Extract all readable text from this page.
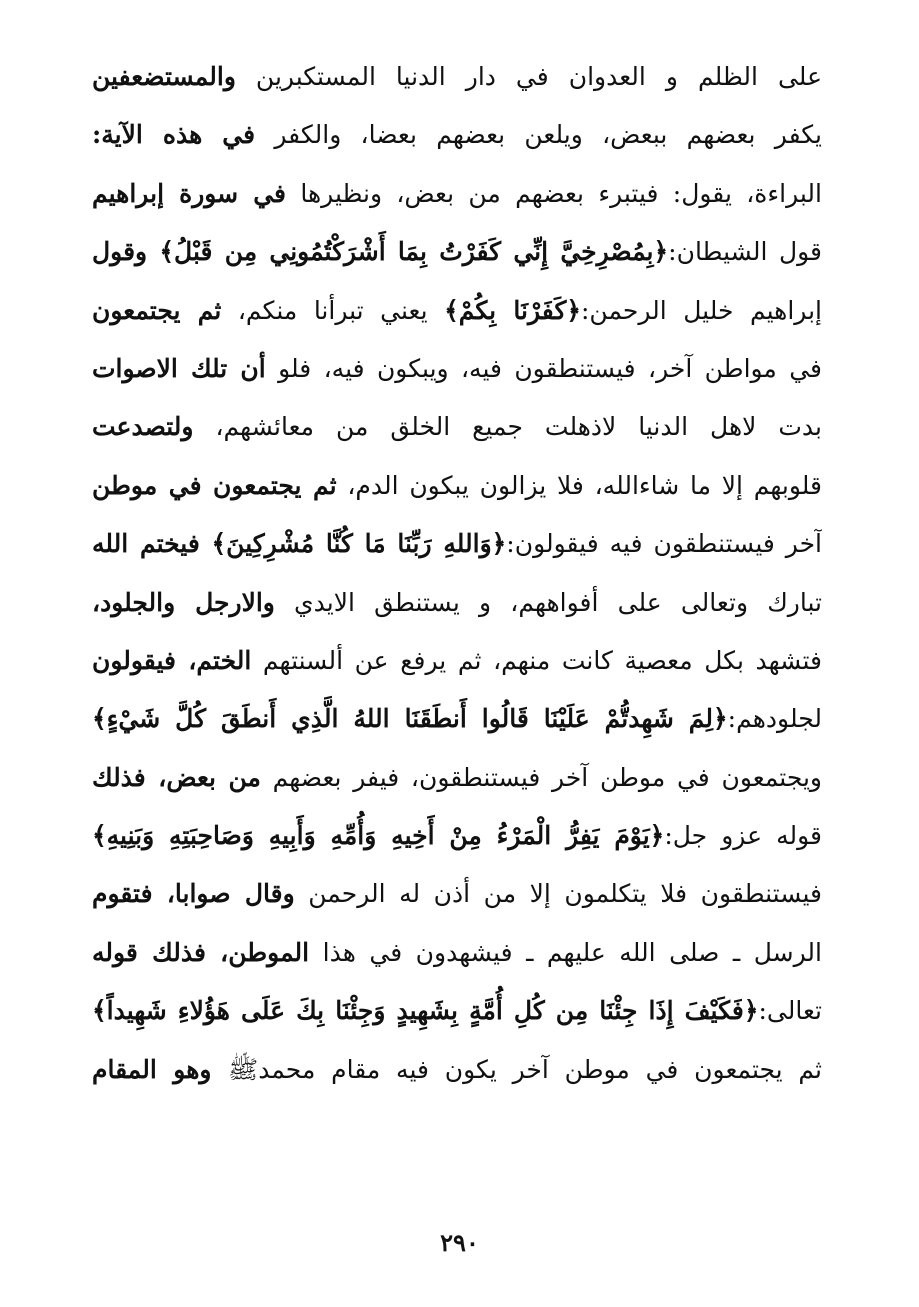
على الظلم و العدوان في دار الدنيا المستكبرين والمستضعفين
يكفر بعضهم ببعض، ويلعن بعضهم بعضا، والكفر في هذه الآية:
البراءة، يقول: فيتبرء بعضهم من بعض، ونظيرها في سورة إبراهيم
قول الشيطان:﴿بِمُصْرِخِيَّ إِنِّي كَفَرْتُ بِمَا أَشْرَكْتُمُونِي مِن قَبْلُ﴾ وقول
إبراهيم خليل الرحمن:﴿كَفَرْنَا بِكُمْ﴾ يعني تبرأنا منكم، ثم يجتمعون
في مواطن آخر، فيستنطقون فيه، ويبكون فيه، فلو أن تلك الاصوات
بدت لاهل الدنيا لاذهلت جميع الخلق من معائشهم، ولتصدعت
قلوبهم إلا ما شاءالله، فلا يزالون يبكون الدم، ثم يجتمعون في موطن
آخر فيستنطقون فيه فيقولون:﴿وَاللهِ رَبِّنَا مَا كُنَّا مُشْرِكِينَ﴾ فيختم الله
تبارك وتعالى على أفواههم، و يستنطق الايدي والارجل والجلود،
فتشهد بكل معصية كانت منهم، ثم يرفع عن ألسنتهم الختم، فيقولون
لجلودهم:﴿لِمَ شَهِدتُّمْ عَلَيْنَا قَالُوا أَنطَقَنَا اللهُ الَّذِي أَنطَقَ كُلَّ شَيْءٍ﴾
ويجتمعون في موطن آخر فيستنطقون، فيفر بعضهم من بعض، فذلك
قوله عزو جل:﴿يَوْمَ يَفِرُّ الْمَرْءُ مِنْ أَخِيهِ وَأُمِّهِ وَأَبِيهِ وَصَاحِبَتِهِ وَبَنِيهِ﴾
فيستنطقون فلا يتكلمون إلا من أذن له الرحمن وقال صوابا، فتقوم
الرسل ـ صلى الله عليهم ـ فيشهدون في هذا الموطن، فذلك قوله
تعالى:﴿فَكَيْفَ إِذَا جِئْنَا مِن كُلِ أُمَّةٍ بِشَهِيدٍ وَجِئْنَا بِكَ عَلَى هَؤُلاءِ شَهِيداً﴾
ثم يجتمعون في موطن آخر يكون فيه مقام محمدﷺ وهو المقام
٢٩٠
